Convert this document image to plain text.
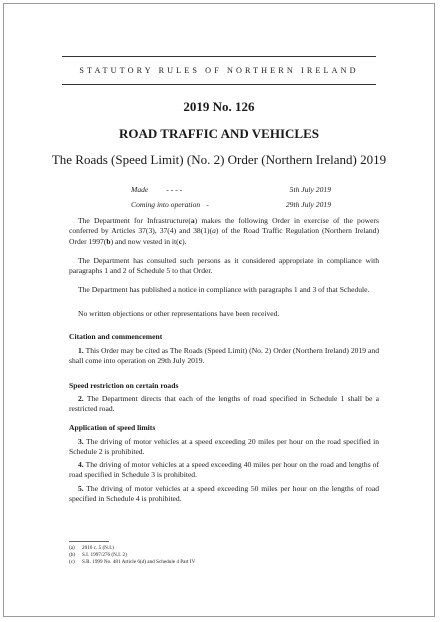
STATUTORY RULES OF NORTHERN IRELAND
2019 No. 126
ROAD TRAFFIC AND VEHICLES
The Roads (Speed Limit) (No. 2) Order (Northern Ireland) 2019
Made - - - -	5th July 2019
Coming into operation -	29th July 2019
The Department for Infrastructure(a) makes the following Order in exercise of the powers conferred by Articles 37(3), 37(4) and 38(1)(a) of the Road Traffic Regulation (Northern Ireland) Order 1997(b) and now vested in it(c).
The Department has consulted such persons as it considered appropriate in compliance with paragraphs 1 and 2 of Schedule 5 to that Order.
The Department has published a notice in compliance with paragraphs 1 and 3 of that Schedule.
No written objections or other representations have been received.
Citation and commencement
1. This Order may be cited as The Roads (Speed Limit) (No. 2) Order (Northern Ireland) 2019 and shall come into operation on 29th July 2019.
Speed restriction on certain roads
2. The Department directs that each of the lengths of road specified in Schedule 1 shall be a restricted road.
Application of speed limits
3. The driving of motor vehicles at a speed exceeding 20 miles per hour on the road specified in Schedule 2 is prohibited.
4. The driving of motor vehicles at a speed exceeding 40 miles per hour on the road and lengths of road specified in Schedule 3 is prohibited.
5. The driving of motor vehicles at a speed exceeding 50 miles per hour on the lengths of road specified in Schedule 4 is prohibited.
(a) 2016 c. 5 (N.I.)
(b) S.I. 1997/276 (N.I. 2)
(c) S.R. 1999 No. 481 Article 6(d) and Schedule 4 Part IV
